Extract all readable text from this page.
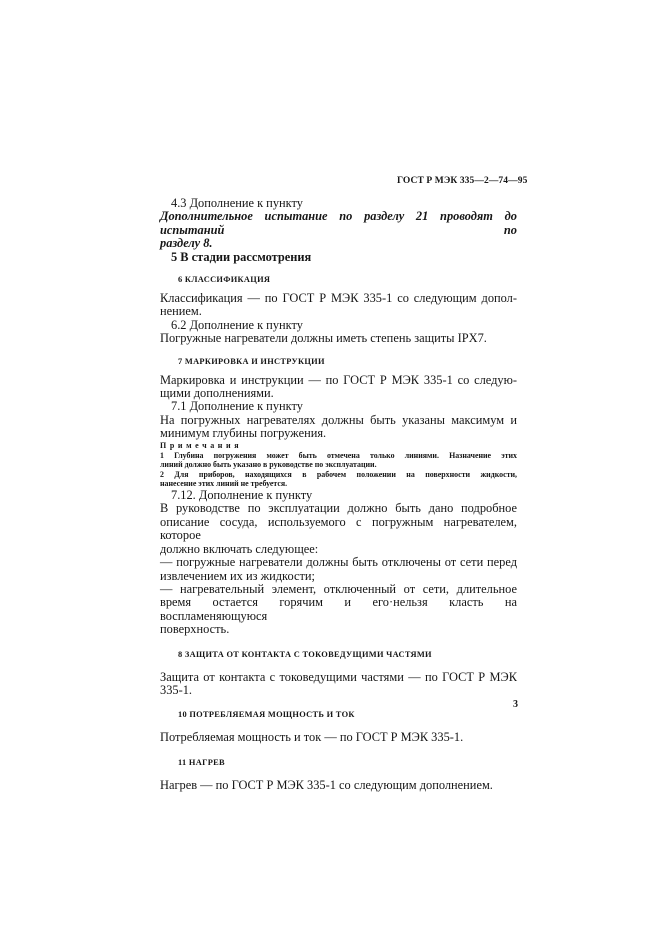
ГОСТ Р МЭК 335—2—74—95
4.3 Дополнение к пункту
Дополнительное испытание по разделу 21 проводят до испытаний по
разделу 8.
5 В стадии рассмотрения
6 КЛАССИФИКАЦИЯ
Классификация — по ГОСТ Р МЭК 335-1 со следующим допол-
нением.
6.2 Дополнение к пункту
Погружные нагреватели должны иметь степень защиты IPX7.
7 МАРКИРОВКА И ИНСТРУКЦИИ
Маркировка и инструкции — по ГОСТ Р МЭК 335-1 со следую-
щими дополнениями.
7.1 Дополнение к пункту
На погружных нагревателях должны быть указаны максимум и
минимум глубины погружения.
Примечания
1 Глубина погружения может быть отмечена только линиями. Назначение этих
линий должно быть указано в руководстве по эксплуатации.
2 Для приборов, находящихся в рабочем положении на поверхности жидкости,
нанесение этих линий не требуется.
7.12. Дополнение к пункту
В руководстве по эксплуатации должно быть дано подробное
описание сосуда, используемого с погружным нагревателем, которое
должно включать следующее:
— погружные нагреватели должны быть отключены от сети перед
извлечением их из жидкости;
— нагревательный элемент, отключенный от сети, длительное
время остается горячим и его·нельзя класть на воспламеняющуюся
поверхность.
8 ЗАЩИТА ОТ КОНТАКТА С ТОКОВЕДУЩИМИ ЧАСТЯМИ
Защита от контакта с токоведущими частями — по ГОСТ Р МЭК
335-1.
10 ПОТРЕБЛЯЕМАЯ МОЩНОСТЬ И ТОК
Потребляемая мощность и ток — по ГОСТ Р МЭК 335-1.
11 НАГРЕВ
Нагрев — по ГОСТ Р МЭК 335-1 со следующим дополнением.
3
